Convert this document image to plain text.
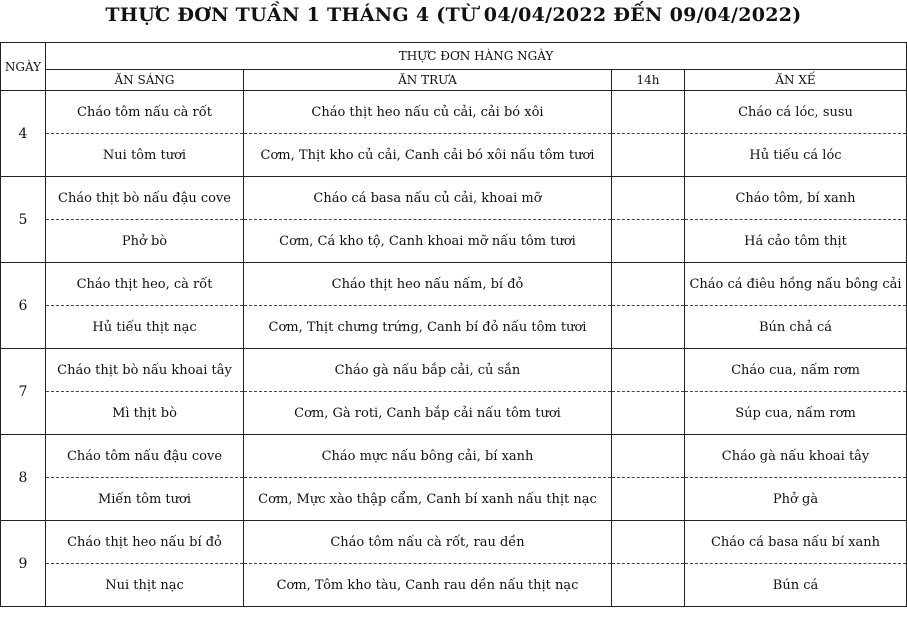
THỰC ĐƠN TUẦN 1 THÁNG 4 (TỪ 04/04/2022 ĐẾN 09/04/2022)
NGÀY	THỰC ĐƠN HÀNG NGÀY			
	ĂN SÁNG	ĂN TRƯA	14h	ĂN XẾ
4	Cháo tôm nấu cà rốt	Cháo thịt heo nấu củ cải, cải bó xôi		Cháo cá lóc, susu
	Nui tôm tươi	Cơm, Thịt kho củ cải, Canh cải bó xôi nấu tôm tươi		Hủ tiếu cá lóc
5	Cháo thịt bò nấu đậu cove	Cháo cá basa nấu củ cải, khoai mỡ		Cháo tôm, bí xanh
	Phở bò	Cơm, Cá kho tộ, Canh khoai mỡ nấu tôm tươi		Há cảo tôm thịt
6	Cháo thịt heo, cà rốt	Cháo thịt heo nấu nấm, bí đỏ		Cháo cá điêu hồng nấu bông cải
	Hủ tiếu thịt nạc	Cơm, Thịt chưng trứng, Canh bí đỏ nấu tôm tươi		Bún chả cá
7	Cháo thịt bò nấu khoai tây	Cháo gà nấu bắp cải, củ sắn		Cháo cua, nấm rơm
	Mì thịt bò	Cơm, Gà roti, Canh bắp cải nấu tôm tươi		Súp cua, nấm rơm
8	Cháo tôm nấu đậu cove	Cháo mực nấu bông cải, bí xanh		Cháo gà nấu khoai tây
	Miến tôm tươi	Cơm, Mực xào thập cẩm, Canh bí xanh nấu thịt nạc		Phở gà
9	Cháo thịt heo nấu bí đỏ	Cháo tôm nấu cà rốt, rau dền		Cháo cá basa nấu bí xanh
	Nui thịt nạc	Cơm, Tôm kho tàu, Canh rau dền nấu thịt nạc		Bún cá
